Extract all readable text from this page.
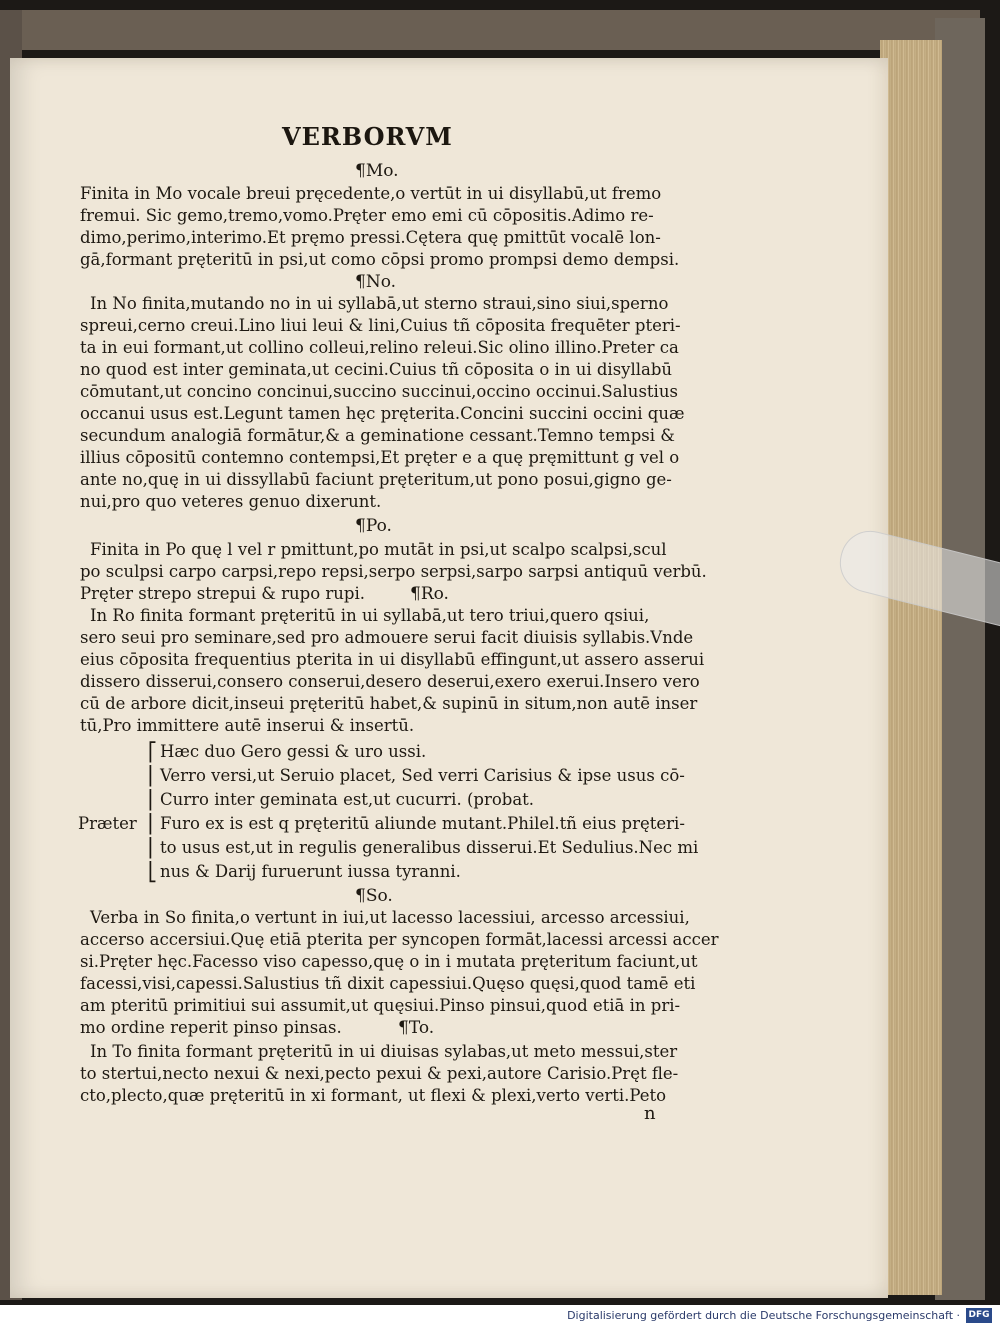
VERBORVM
¶Mo.
Finita in Mo vocale breui pręcedente,o vertūt in ui disyllabū,ut fremo
fremui. Sic gemo,tremo,vomo.Pręter emo emi cū cōpositis.Adimo re-
dimo,perimo,interimo.Et pręmo pressi.Cętera quę pmittūt vocalē lon-
gā,formant pręteritū in psi,ut como cōpsi promo prompsi demo dempsi.
¶No.
In No finita,mutando no in ui syllabā,ut sterno straui,sino siui,sperno
spreui,cerno creui.Lino liui leui & lini,Cuius tñ cōposita frequēter pteri-
ta in eui formant,ut collino colleui,relino releui.Sic olino illino.Preter ca
no quod est inter geminata,ut cecini.Cuius tñ cōposita o in ui disyllabū
cōmutant,ut concino concinui,succino succinui,occino occinui.Salustius
occanui usus est.Legunt tamen hęc pręterita.Concini succini occini quæ
secundum analogiā formātur,& a geminatione cessant.Temno tempsi &
illius cōpositū contemno contempsi,Et pręter e a quę pręmittunt g vel o
ante no,quę in ui dissyllabū faciunt pręteritum,ut pono posui,gigno ge-
nui,pro quo veteres genuo dixerunt.
¶Po.
Finita in Po quę l vel r pmittunt,po mutāt in psi,ut scalpo scalpsi,scul
po sculpsi carpo carpsi,repo repsi,serpo serpsi,sarpo sarpsi antiquū verbū.
Pręter strepo strepui & rupo rupi.	¶Ro.
In Ro finita formant pręteritū in ui syllabā,ut tero triui,quero qsiui,
sero seui pro seminare,sed pro admouere serui facit diuisis syllabis.Vnde
eius cōposita frequentius pterita in ui disyllabū effingunt,ut assero asserui
dissero disserui,consero conserui,desero deserui,exero exerui.Insero vero
cū de arbore dicit,inseui pręteritū habet,& supinū in situm,non autē inser
tū,Pro immittere autē inserui & insertū.
⎡
⎢
⎢
⎢
⎢
⎣
Prӕter
Hæc duo Gero gessi & uro ussi.
Verro versi,ut Seruio placet, Sed verri Carisius & ipse usus cō-
Curro inter geminata est,ut cucurri. (probat.
Furo ex is est q pręteritū aliunde mutant.Philel.tñ eius pręteri-
to usus est,ut in regulis generalibus disserui.Et Sedulius.Nec mi
nus & Darij furuerunt iussa tyranni.
¶So.
Verba in So finita,o vertunt in iui,ut lacesso lacessiui, arcesso arcessiui,
accerso accersiui.Quę etiā pterita per syncopen formāt,lacessi arcessi accer
si.Pręter hęc.Facesso viso capesso,quę o in i mutata pręteritum faciunt,ut
facessi,visi,capessi.Salustius tñ dixit capessiui.Quęso quęsi,quod tamē eti
am pteritū primitiui sui assumit,ut quęsiui.Pinso pinsui,quod etiā in pri-
mo ordine reperit pinso pinsas.	¶To.
In To finita formant pręteritū in ui diuisas sylabas,ut meto messui,ster
to stertui,necto nexui & nexi,pecto pexui & pexi,autore Carisio.Pręt fle-
cto,plecto,quæ pręteritū in xi formant, ut flexi & plexi,verto verti.Peto
n
Digitalisierung gefördert durch die Deutsche Forschungsgemeinschaft · DFG
